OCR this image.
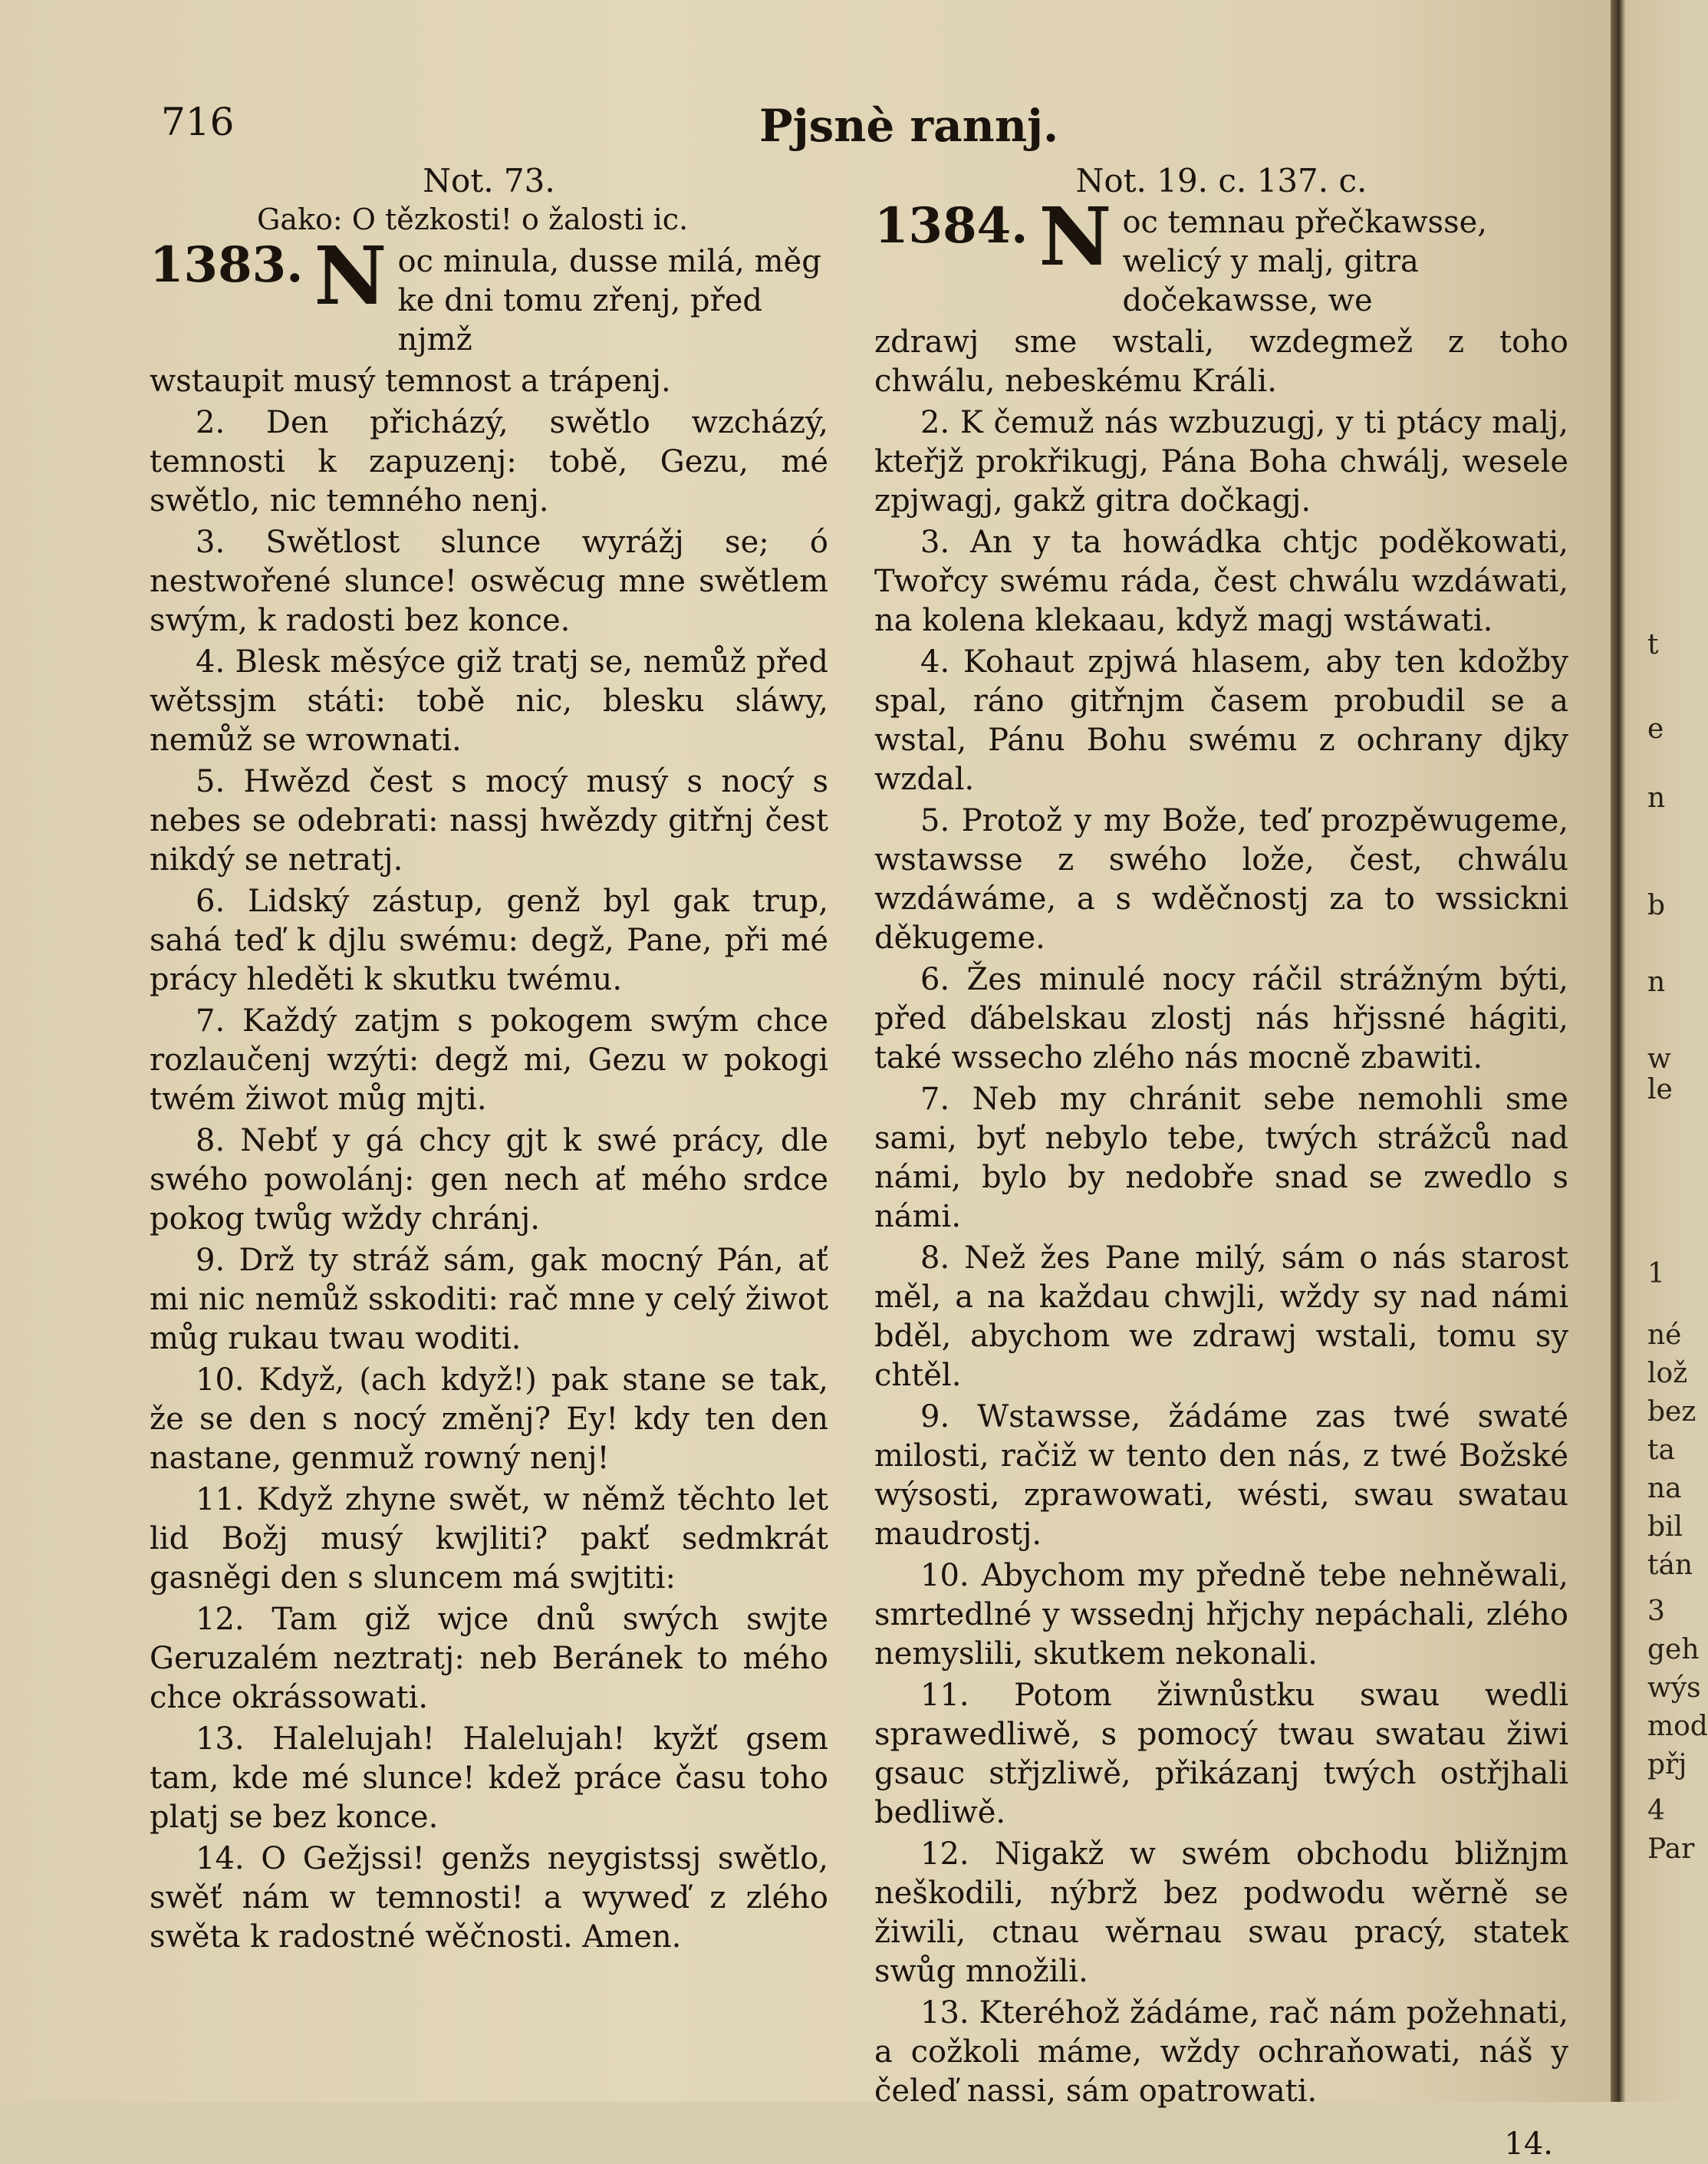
716	Pjsnè rannj.

Not. 73.

Gako: O tězkosti! o žalosti ic.

1383. N oc minula, dusse milá, měg ke dni tomu zřenj, před njmž

wstaupit musý temnost a trápenj.

2. Den přicházý, swětlo wzcházý, temnosti k zapuzenj: tobě, Gezu, mé swětlo, nic temného nenj.

3. Swětlost slunce wyrážj se; ó nestwořené slunce! oswěcug mne swětlem swým, k radosti bez konce.

4. Blesk měsýce giž tratj se, nemůž před wětssjm státi: tobě nic, blesku sláwy, nemůž se wrownati.

5. Hwězd čest s mocý musý s nocý s nebes se odebrati: nassj hwězdy gitřnj čest nikdý se netratj.

6. Lidský zástup, genž byl gak trup, sahá teď k djlu swému: degž, Pane, při mé prácy hleděti k skutku twému.

7. Každý zatjm s pokogem swým chce rozlaučenj wzýti: degž mi, Gezu w pokogi twém žiwot můg mjti.

8. Nebť y gá chcy gjt k swé prácy, dle swého powolánj: gen nech ať mého srdce pokog twůg wždy chránj.

9. Drž ty stráž sám, gak mocný Pán, ať mi nic nemůž sskoditi: rač mne y celý žiwot můg rukau twau woditi.

10. Když, (ach když!) pak stane se tak, že se den s nocý změnj? Ey! kdy ten den nastane, genmuž rowný nenj!

11. Když zhyne swět, w němž těchto let lid Božj musý kwjliti? pakť sedmkrát gasněgi den s sluncem má swjtiti:

12. Tam giž wjce dnů swých swjte Geruzalém neztratj: neb Beránek to mého chce okrássowati.

13. Halelujah! Halelujah! kyžť gsem tam, kde mé slunce! kdež práce času toho platj se bez konce.

14. O Gežjssi! genžs neygistssj swětlo, swěť nám w temnosti! a wyweď z zlého swěta k radostné wěčnosti. Amen.

Not. 19. c. 137. c.

1384. N oc temnau přečkawsse, welicý y malj, gitra dočekawsse, we

zdrawj sme wstali, wzdegmež z toho chwálu, nebeskému Králi.

2. K čemuž nás wzbuzugj, y ti ptácy malj, kteřjž prokřikugj, Pána Boha chwálj, wesele zpjwagj, gakž gitra dočkagj.

3. An y ta howádka chtjc poděkowati, Twořcy swému ráda, čest chwálu wzdáwati, na kolena klekaau, když magj wstáwati.

4. Kohaut zpjwá hlasem, aby ten kdožby spal, ráno gitřnjm časem probudil se a wstal, Pánu Bohu swému z ochrany djky wzdal.

5. Protož y my Bože, teď prozpěwugeme, wstawsse z swého lože, čest, chwálu wzdáwáme, a s wděčnostj za to wssickni děkugeme.

6. Žes minulé nocy ráčil strážným býti, před ďábelskau zlostj nás hřjssné hágiti, také wssecho zlého nás mocně zbawiti.

7. Neb my chránit sebe nemohli sme sami, byť nebylo tebe, twých strážců nad námi, bylo by nedobře snad se zwedlo s námi.

8. Než žes Pane milý, sám o nás starost měl, a na každau chwjli, wždy sy nad námi bděl, abychom we zdrawj wstali, tomu sy chtěl.

9. Wstawsse, žádáme zas twé swaté milosti, račiž w tento den nás, z twé Božské wýsosti, zprawowati, wésti, swau swatau maudrostj.

10. Abychom my předně tebe nehněwali, smrtedlné y wssednj hřjchy nepáchali, zlého nemyslili, skutkem nekonali.

11. Potom žiwnůstku swau wedli sprawedliwě, s pomocý twau swatau žiwi gsauc střjzliwě, přikázanj twých ostřjhali bedliwě.

12. Nigakž w swém obchodu bližnjm neškodili, nýbrž bez podwodu wěrně se žiwili, ctnau wěrnau swau pracý, statek swůg množili.

13. Kteréhož žádáme, rač nám požehnati, a cožkoli máme, wždy ochraňowati, náš y čeleď nassi, sám opatrowati.

14.
t
e
n
b
n
w
le
1
né
lož
bez
ta
na
bil
tán
3
geh
wýs
mod
přj
4
Par
